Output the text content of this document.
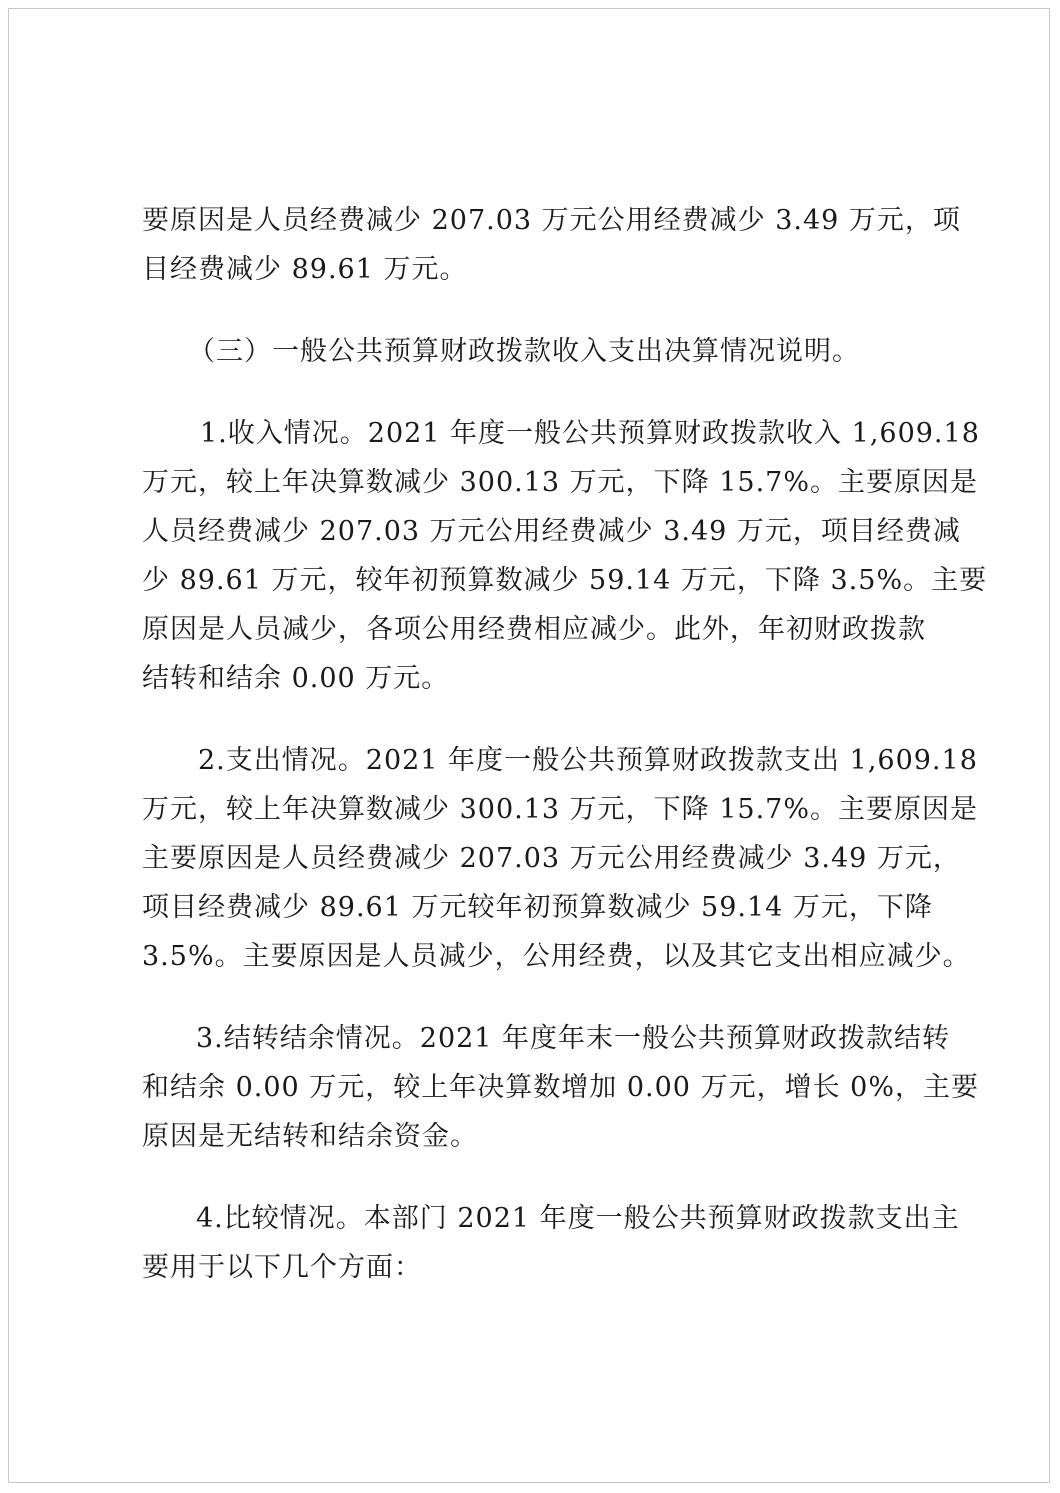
要原因是人员经费减少 207.03 万元公用经费减少 3.49 万元，项
目经费减少 89.61 万元。

（三）一般公共预算财政拨款收入支出决算情况说明。

1.收入情况。2021 年度一般公共预算财政拨款收入 1,609.18
万元，较上年决算数减少 300.13 万元，下降 15.7%。主要原因是
人员经费减少 207.03 万元公用经费减少 3.49 万元，项目经费减
少 89.61 万元，较年初预算数减少 59.14 万元，下降 3.5%。主要
原因是人员减少，各项公用经费相应减少。此外，年初财政拨款
结转和结余 0.00 万元。

2.支出情况。2021 年度一般公共预算财政拨款支出 1,609.18
万元，较上年决算数减少 300.13 万元，下降 15.7%。主要原因是
主要原因是人员经费减少 207.03 万元公用经费减少 3.49 万元，
项目经费减少 89.61 万元较年初预算数减少 59.14 万元，下降
3.5%。主要原因是人员减少，公用经费，以及其它支出相应减少。

3.结转结余情况。2021 年度年末一般公共预算财政拨款结转
和结余 0.00 万元，较上年决算数增加 0.00 万元，增长 0%，主要
原因是无结转和结余资金。

4.比较情况。本部门 2021 年度一般公共预算财政拨款支出主
要用于以下几个方面：
